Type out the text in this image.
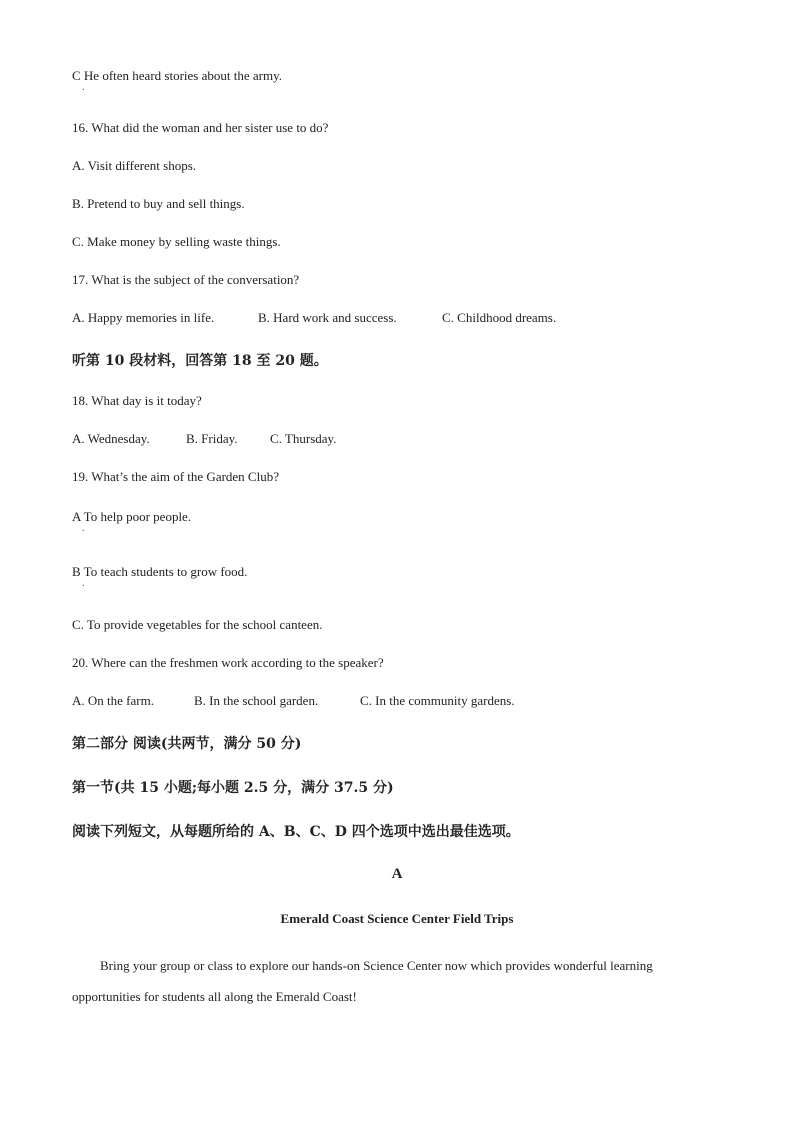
C He often heard stories about the army.
.
16. What did the woman and her sister use to do?
A. Visit different shops.
B. Pretend to buy and sell things.
C. Make money by selling waste things.
17. What is the subject of the conversation?
A. Happy memories in life.	B. Hard work and success.	C. Childhood dreams.
听第 10 段材料，回答第 18 至 20 题。
18. What day is it today?
A. Wednesday.	B. Friday. C. Thursday.
19. What’s the aim of the Garden Club?
A To help poor people.
.
B To teach students to grow food.
.
C. To provide vegetables for the school canteen.
20. Where can the freshmen work according to the speaker?
A. On the farm.	B. In the school garden.	C. In the community gardens.
第二部分 阅读(共两节，满分 50 分)
第一节(共 15 小题;每小题 2.5 分，满分 37.5 分)
阅读下列短文，从每题所给的 A、B、C、D 四个选项中选出最佳选项。
A
Emerald Coast Science Center Field Trips
Bring your group or class to explore our hands-on Science Center now which provides wonderful learning opportunities for students all along the Emerald Coast!
